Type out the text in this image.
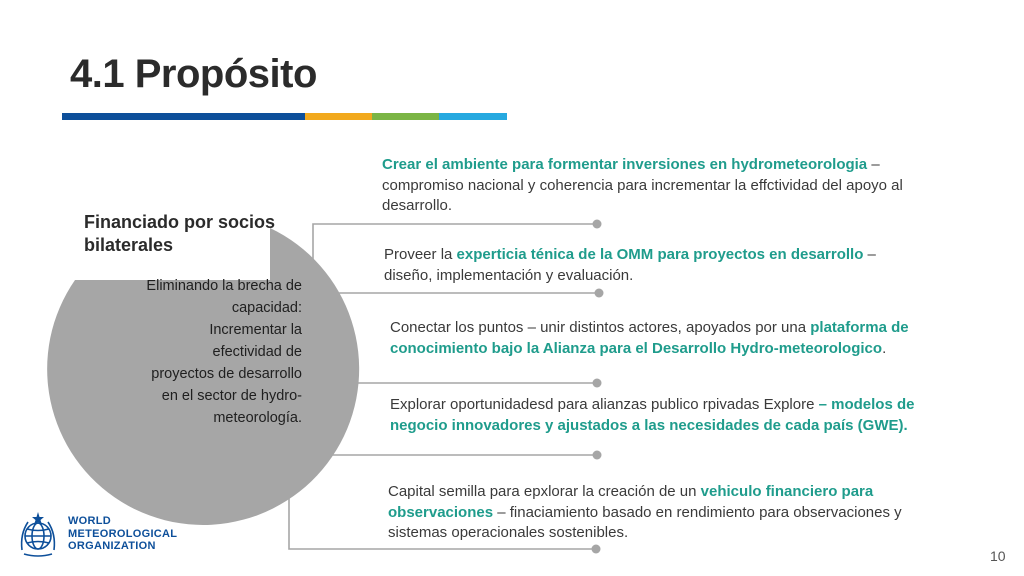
4.1 Propósito
Financiado por socios bilaterales
Eliminando la brecha de
capacidad:
Incrementar la
efectividad de
proyectos de desarrollo
en el sector de hydro-
meteorología.
Crear el ambiente para formentar inversiones en hydrometeorologia – compromiso nacional y coherencia para incrementar la effctividad del apoyo al desarrollo.
Proveer la experticia ténica de la OMM para proyectos en desarrollo – diseño, implementación y evaluación.
Conectar los puntos – unir distintos actores, apoyados por una plataforma de conocimiento bajo la Alianza para el Desarrollo Hydro-meteorologico.
Explorar oportunidadesd para alianzas publico rpivadas Explore – modelos de negocio innovadores y ajustados a las necesidades de cada país (GWE).
Capital semilla para epxlorar la creación de un vehiculo financiero para observaciones – finaciamiento basado en rendimiento para observaciones y sistemas operacionales sostenibles.
WORLD
METEOROLOGICAL
ORGANIZATION
10
